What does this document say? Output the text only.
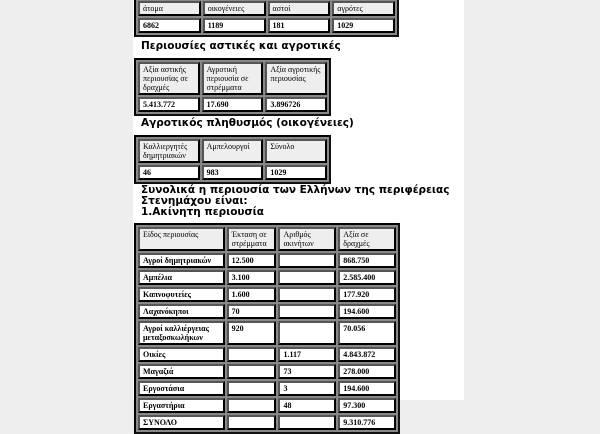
άτομα	οικογένειες	αστοί	αγρότες
6862	1189	181	1029
Περιουσίες αστικές και αγροτικές
Αξία αστικής περιουσίας σε δραχμές	Αγροτική περιουσία σε στρέμματα	Αξία αγροτικής περιουσίας
5.413.772	17.690	3.896726
Αγροτικός πληθυσμός (οικογένειες)
Καλλιεργητές δημητριακών	Αμπελουργοί	Σύνολο
46	983	1029
Συνολικά η περιουσία των Ελλήνων της περιφέρειας Στενημάχου είναι:
1.Ακίνητη περιουσία
Είδος περιουσίας	Έκταση σε στρέμματα	Αριθμός ακινήτων	Αξία σε δραχμές
Αγροί δημητριακών	12.500		868.750
Αμπέλια	3.100		2.585.400
Καπνοφυτείες	1.600		177.920
Λαχανόκηποι	70		194.600
Αγροί καλλιέργειας μεταξοσκωλήκων	920		70.056
Οικίες		1.117	4.843.872
Μαγαζιά		73	278.000
Εργοστάσια		3	194.600
Εργαστήρια		48	97.300
ΣΥΝΟΛΟ			9.310.776
